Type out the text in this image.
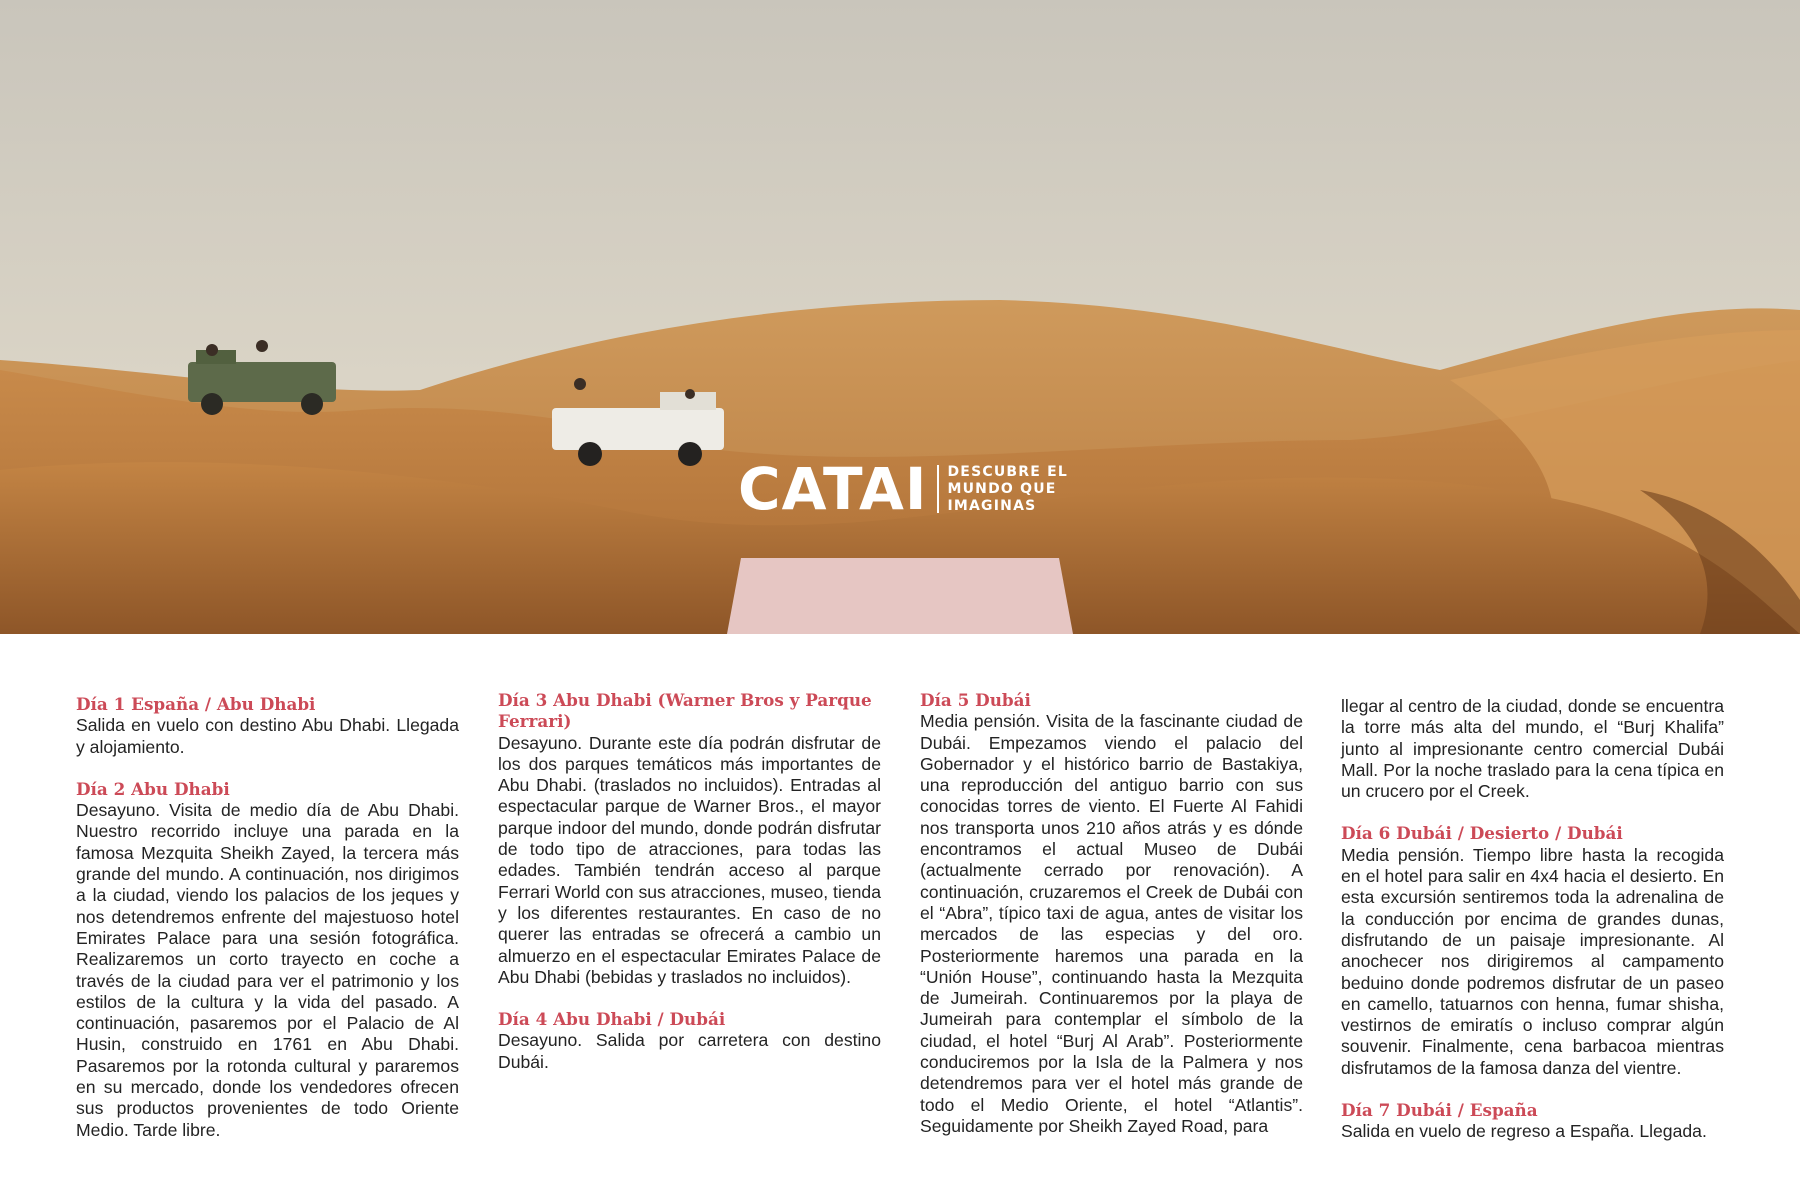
CATAI DESCUBRE EL
MUNDO QUE
IMAGINAS
Día 1 España / Abu Dhabi
Salida en vuelo con destino Abu Dhabi. Llegada y alojamiento.
Día 2 Abu Dhabi
Desayuno. Visita de medio día de Abu Dhabi. Nuestro recorrido incluye una parada en la famosa Mezquita Sheikh Zayed, la tercera más grande del mundo. A continuación, nos dirigimos a la ciudad, viendo los palacios de los jeques y nos detendremos enfrente del majestuoso hotel Emirates Palace para una sesión fotográfica. Realizaremos un corto trayecto en coche a través de la ciudad para ver el patrimonio y los estilos de la cultura y la vida del pasado. A continuación, pasaremos por el Palacio de Al Husin, construido en 1761 en Abu Dhabi. Pasaremos por la rotonda cultural y pararemos en su mercado, donde los vendedores ofrecen sus productos provenientes de todo Oriente Medio. Tarde libre.
Día 3 Abu Dhabi (Warner Bros y Parque Ferrari)
Desayuno. Durante este día podrán disfrutar de los dos parques temáticos más importantes de Abu Dhabi. (traslados no incluidos). Entradas al espectacular parque de Warner Bros., el mayor parque indoor del mundo, donde podrán disfrutar de todo tipo de atracciones, para todas las edades. También tendrán acceso al parque Ferrari World con sus atracciones, museo, tienda y los diferentes restaurantes. En caso de no querer las entradas se ofrecerá a cambio un almuerzo en el espectacular Emirates Palace de Abu Dhabi (bebidas y traslados no incluidos).
Día 4 Abu Dhabi / Dubái
Desayuno. Salida por carretera con destino Dubái.
Día 5 Dubái
Media pensión. Visita de la fascinante ciudad de Dubái. Empezamos viendo el palacio del Gobernador y el histórico barrio de Bastakiya, una reproducción del antiguo barrio con sus conocidas torres de viento. El Fuerte Al Fahidi nos transporta unos 210 años atrás y es dónde encontramos el actual Museo de Dubái (actualmente cerrado por renovación). A continuación, cruzaremos el Creek de Dubái con el “Abra”, típico taxi de agua, antes de visitar los mercados de las especias y del oro. Posteriormente haremos una parada en la “Unión House”, continuando hasta la Mezquita de Jumeirah. Continuaremos por la playa de Jumeirah para contemplar el símbolo de la ciudad, el hotel “Burj Al Arab”. Posteriormente conduciremos por la Isla de la Palmera y nos detendremos para ver el hotel más grande de todo el Medio Oriente, el hotel “Atlantis”. Seguidamente por Sheikh Zayed Road, para
llegar al centro de la ciudad, donde se encuentra la torre más alta del mundo, el “Burj Khalifa” junto al impresionante centro comercial Dubái Mall. Por la noche traslado para la cena típica en un crucero por el Creek.
Día 6 Dubái / Desierto / Dubái
Media pensión. Tiempo libre hasta la recogida en el hotel para salir en 4x4 hacia el desierto. En esta excursión sentiremos toda la adrenalina de la conducción por encima de grandes dunas, disfrutando de un paisaje impresionante. Al anochecer nos dirigiremos al campamento beduino donde podremos disfrutar de un paseo en camello, tatuarnos con henna, fumar shisha, vestirnos de emiratís o incluso comprar algún souvenir. Finalmente, cena barbacoa mientras disfrutamos de la famosa danza del vientre.
Día 7 Dubái / España
Salida en vuelo de regreso a España. Llegada.
